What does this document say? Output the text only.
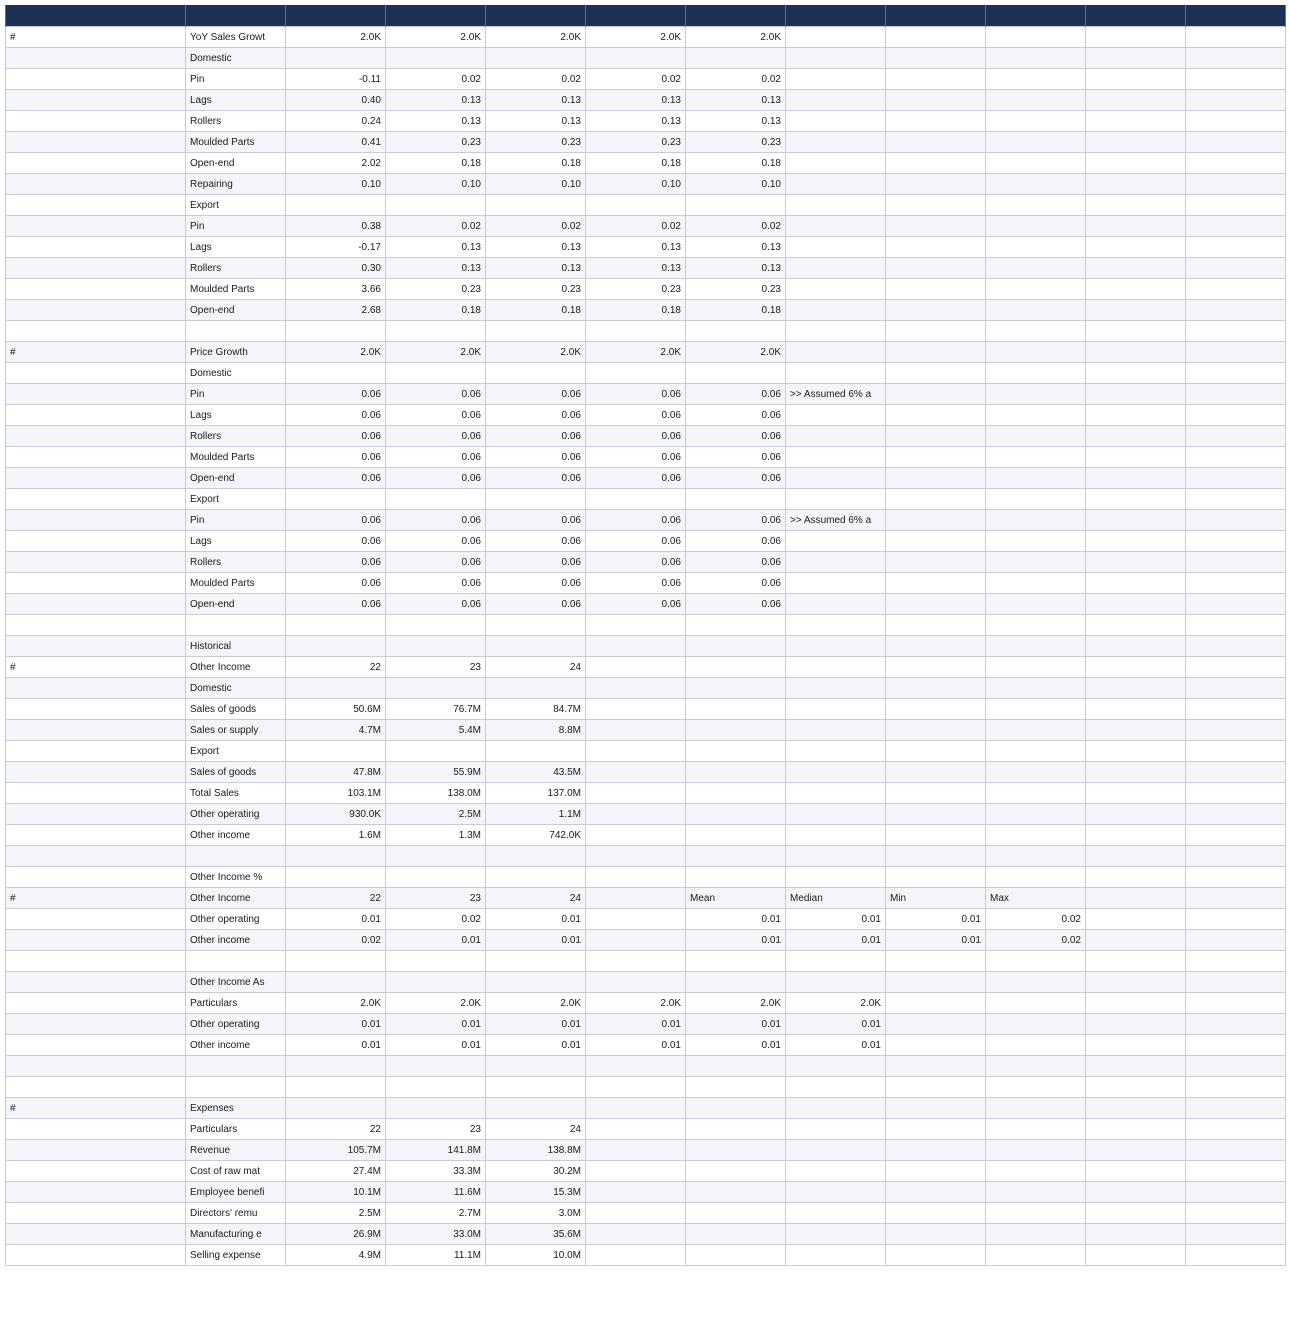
#	YoY Sales Growt	2.0K	2.0K	2.0K	2.0K	2.0K					
	Domestic										
	Pin	-0.11	0.02	0.02	0.02	0.02					
	Lags	0.40	0.13	0.13	0.13	0.13					
	Rollers	0.24	0.13	0.13	0.13	0.13					
	Moulded Parts	0.41	0.23	0.23	0.23	0.23					
	Open-end	2.02	0.18	0.18	0.18	0.18					
	Repairing	0.10	0.10	0.10	0.10	0.10					
	Export										
	Pin	0.38	0.02	0.02	0.02	0.02					
	Lags	-0.17	0.13	0.13	0.13	0.13					
	Rollers	0.30	0.13	0.13	0.13	0.13					
	Moulded Parts	3.66	0.23	0.23	0.23	0.23					
	Open-end	2.68	0.18	0.18	0.18	0.18					

#	Price Growth	2.0K	2.0K	2.0K	2.0K	2.0K					
	Domestic										
	Pin	0.06	0.06	0.06	0.06	0.06	>> Assumed 6% a				
	Lags	0.06	0.06	0.06	0.06	0.06					
	Rollers	0.06	0.06	0.06	0.06	0.06					
	Moulded Parts	0.06	0.06	0.06	0.06	0.06					
	Open-end	0.06	0.06	0.06	0.06	0.06					
	Export										
	Pin	0.06	0.06	0.06	0.06	0.06	>> Assumed 6% a				
	Lags	0.06	0.06	0.06	0.06	0.06					
	Rollers	0.06	0.06	0.06	0.06	0.06					
	Moulded Parts	0.06	0.06	0.06	0.06	0.06					
	Open-end	0.06	0.06	0.06	0.06	0.06					

	Historical										
#	Other Income	22	23	24							
	Domestic										
	Sales of goods	50.6M	76.7M	84.7M							
	Sales or supply	4.7M	5.4M	8.8M							
	Export										
	Sales of goods	47.8M	55.9M	43.5M							
	Total Sales	103.1M	138.0M	137.0M							
	Other operating	930.0K	2.5M	1.1M							
	Other income	1.6M	1.3M	742.0K							

	Other Income %										
#	Other Income	22	23	24		Mean	Median	Min	Max		
	Other operating	0.01	0.02	0.01		0.01	0.01	0.01	0.02		
	Other income	0.02	0.01	0.01		0.01	0.01	0.01	0.02		

	Other Income As										
	Particulars	2.0K	2.0K	2.0K	2.0K	2.0K	2.0K				
	Other operating	0.01	0.01	0.01	0.01	0.01	0.01				
	Other income	0.01	0.01	0.01	0.01	0.01	0.01				

#	Expenses										
	Particulars	22	23	24							
	Revenue	105.7M	141.8M	138.8M							
	Cost of raw mat	27.4M	33.3M	30.2M							
	Employee benefi	10.1M	11.6M	15.3M							
	Directors' remu	2.5M	2.7M	3.0M							
	Manufacturing e	26.9M	33.0M	35.6M							
	Selling expense	4.9M	11.1M	10.0M							
